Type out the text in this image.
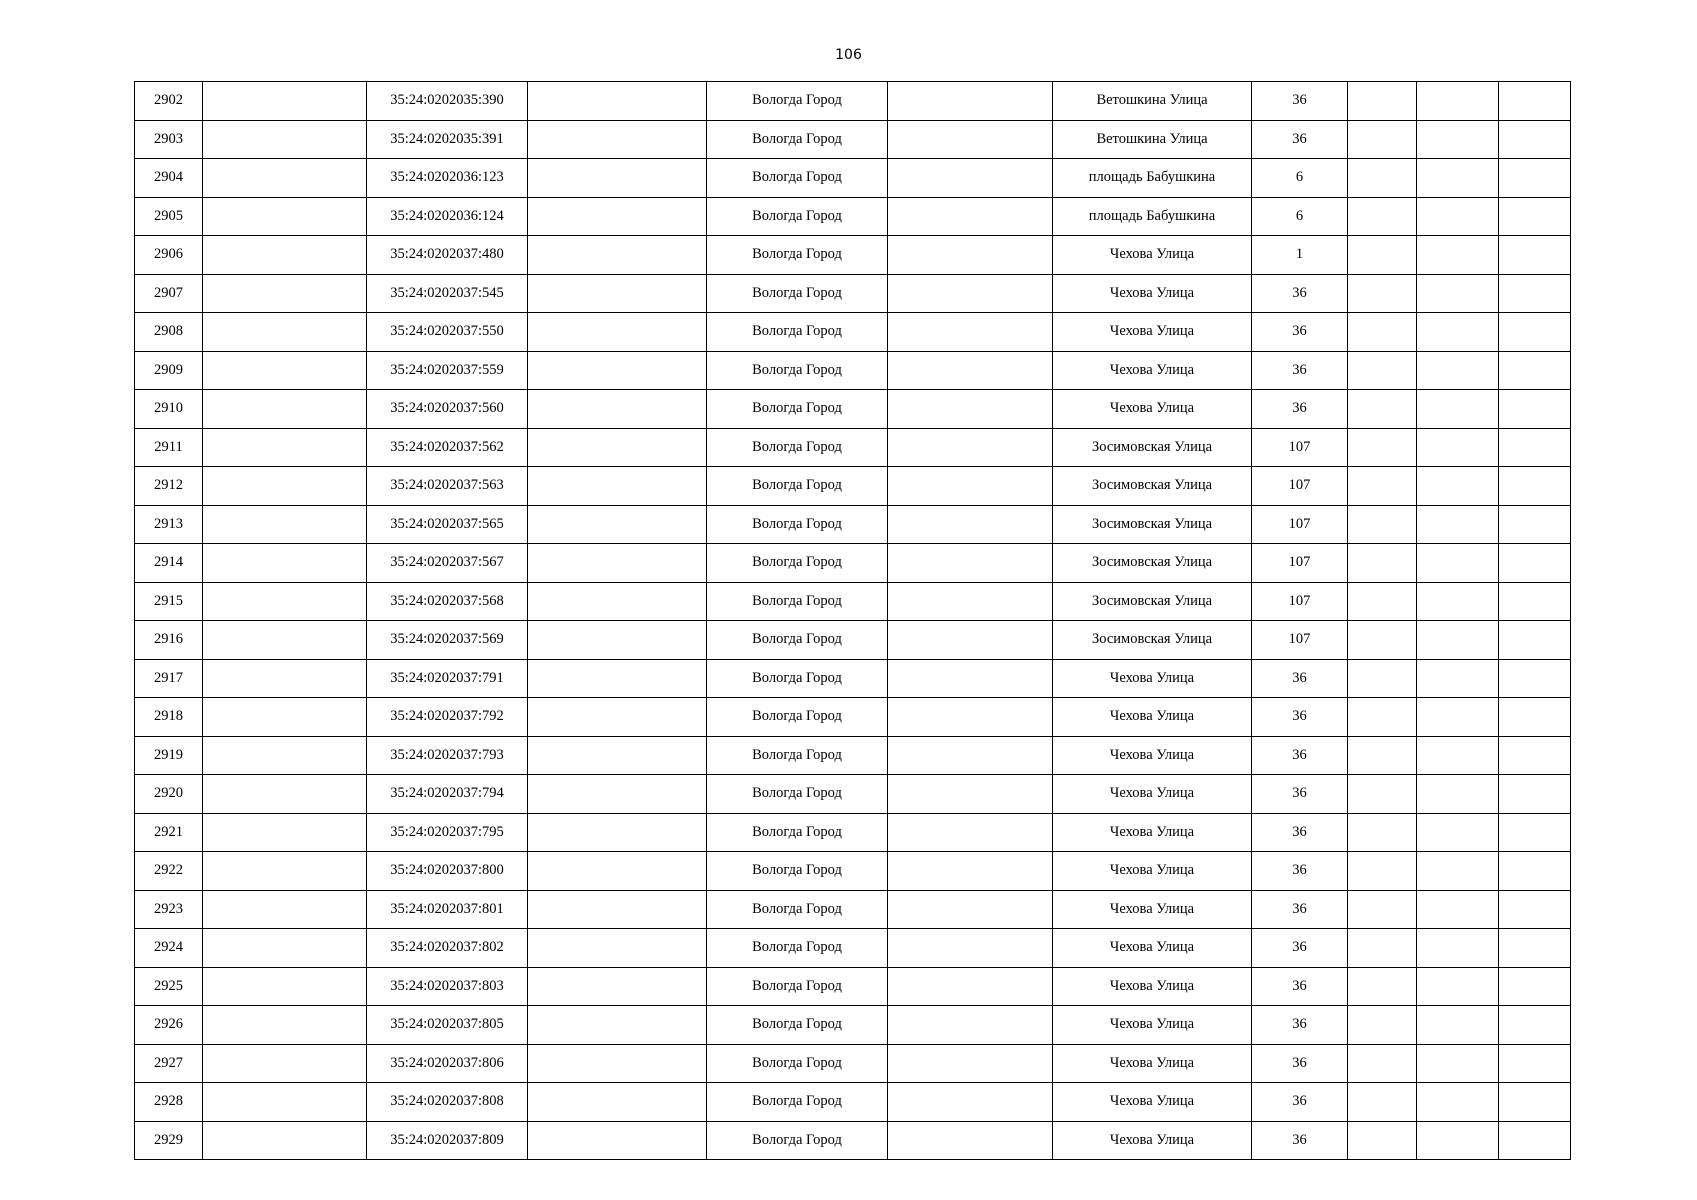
106
2902		35:24:0202035:390		Вологда Город		Ветошкина Улица	36			
2903		35:24:0202035:391		Вологда Город		Ветошкина Улица	36			
2904		35:24:0202036:123		Вологда Город		площадь Бабушкина	6			
2905		35:24:0202036:124		Вологда Город		площадь Бабушкина	6			
2906		35:24:0202037:480		Вологда Город		Чехова Улица	1			
2907		35:24:0202037:545		Вологда Город		Чехова Улица	36			
2908		35:24:0202037:550		Вологда Город		Чехова Улица	36			
2909		35:24:0202037:559		Вологда Город		Чехова Улица	36			
2910		35:24:0202037:560		Вологда Город		Чехова Улица	36			
2911		35:24:0202037:562		Вологда Город		Зосимовская Улица	107			
2912		35:24:0202037:563		Вологда Город		Зосимовская Улица	107			
2913		35:24:0202037:565		Вологда Город		Зосимовская Улица	107			
2914		35:24:0202037:567		Вологда Город		Зосимовская Улица	107			
2915		35:24:0202037:568		Вологда Город		Зосимовская Улица	107			
2916		35:24:0202037:569		Вологда Город		Зосимовская Улица	107			
2917		35:24:0202037:791		Вологда Город		Чехова Улица	36			
2918		35:24:0202037:792		Вологда Город		Чехова Улица	36			
2919		35:24:0202037:793		Вологда Город		Чехова Улица	36			
2920		35:24:0202037:794		Вологда Город		Чехова Улица	36			
2921		35:24:0202037:795		Вологда Город		Чехова Улица	36			
2922		35:24:0202037:800		Вологда Город		Чехова Улица	36			
2923		35:24:0202037:801		Вологда Город		Чехова Улица	36			
2924		35:24:0202037:802		Вологда Город		Чехова Улица	36			
2925		35:24:0202037:803		Вологда Город		Чехова Улица	36			
2926		35:24:0202037:805		Вологда Город		Чехова Улица	36			
2927		35:24:0202037:806		Вологда Город		Чехова Улица	36			
2928		35:24:0202037:808		Вологда Город		Чехова Улица	36			
2929		35:24:0202037:809		Вологда Город		Чехова Улица	36			
